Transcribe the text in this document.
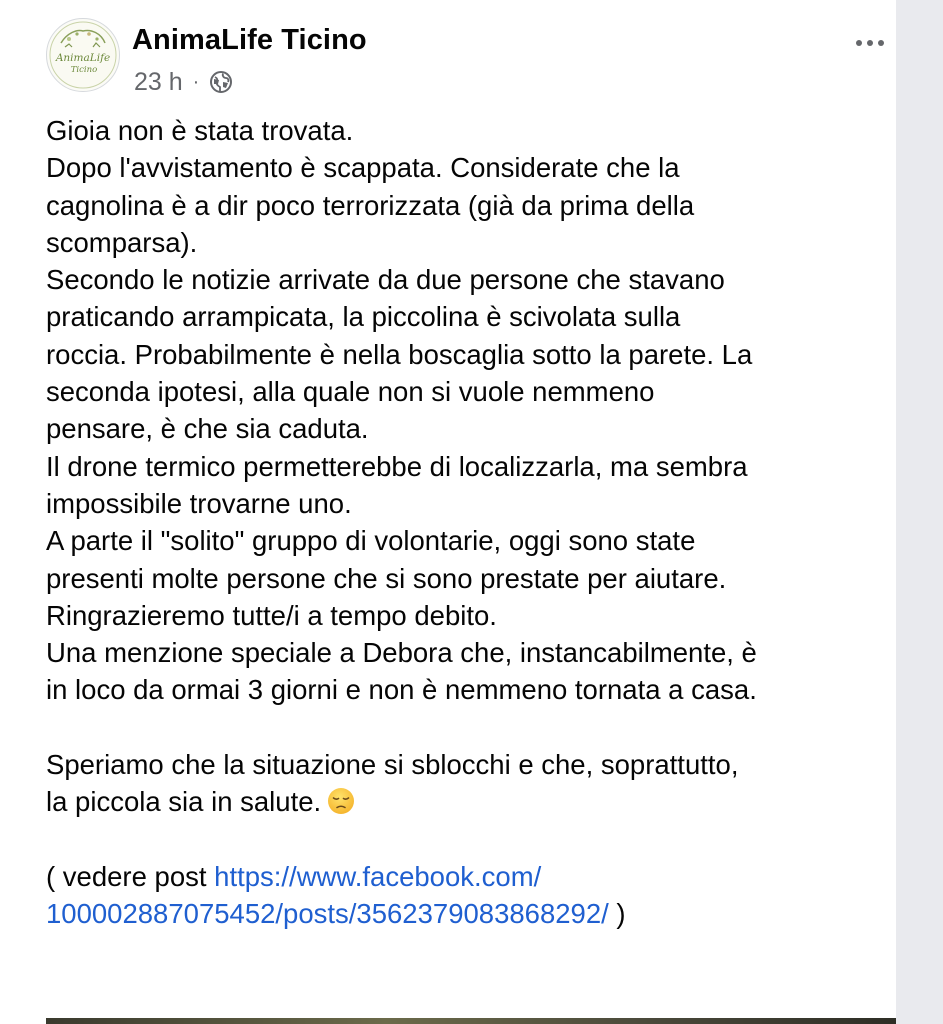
AnimaLife
Ticino
AnimaLife Ticino
23 h ·
Gioia non è stata trovata.
Dopo l'avvistamento è scappata. Considerate che la
cagnolina è a dir poco terrorizzata (già da prima della
scomparsa).
Secondo le notizie arrivate da due persone che stavano
praticando arrampicata, la piccolina è scivolata sulla
roccia. Probabilmente è nella boscaglia sotto la parete. La
seconda ipotesi, alla quale non si vuole nemmeno
pensare, è che sia caduta.
Il drone termico permetterebbe di localizzarla, ma sembra
impossibile trovarne uno.
A parte il "solito" gruppo di volontarie, oggi sono state
presenti molte persone che si sono prestate per aiutare.
Ringrazieremo tutte/i a tempo debito.
Una menzione speciale a Debora che, instancabilmente, è
in loco da ormai 3 giorni e non è nemmeno tornata a casa.
Speriamo che la situazione si sblocchi e che, soprattutto,
la piccola sia in salute.
( vedere post https://www.facebook.com/
100002887075452/posts/3562379083868292/ )
